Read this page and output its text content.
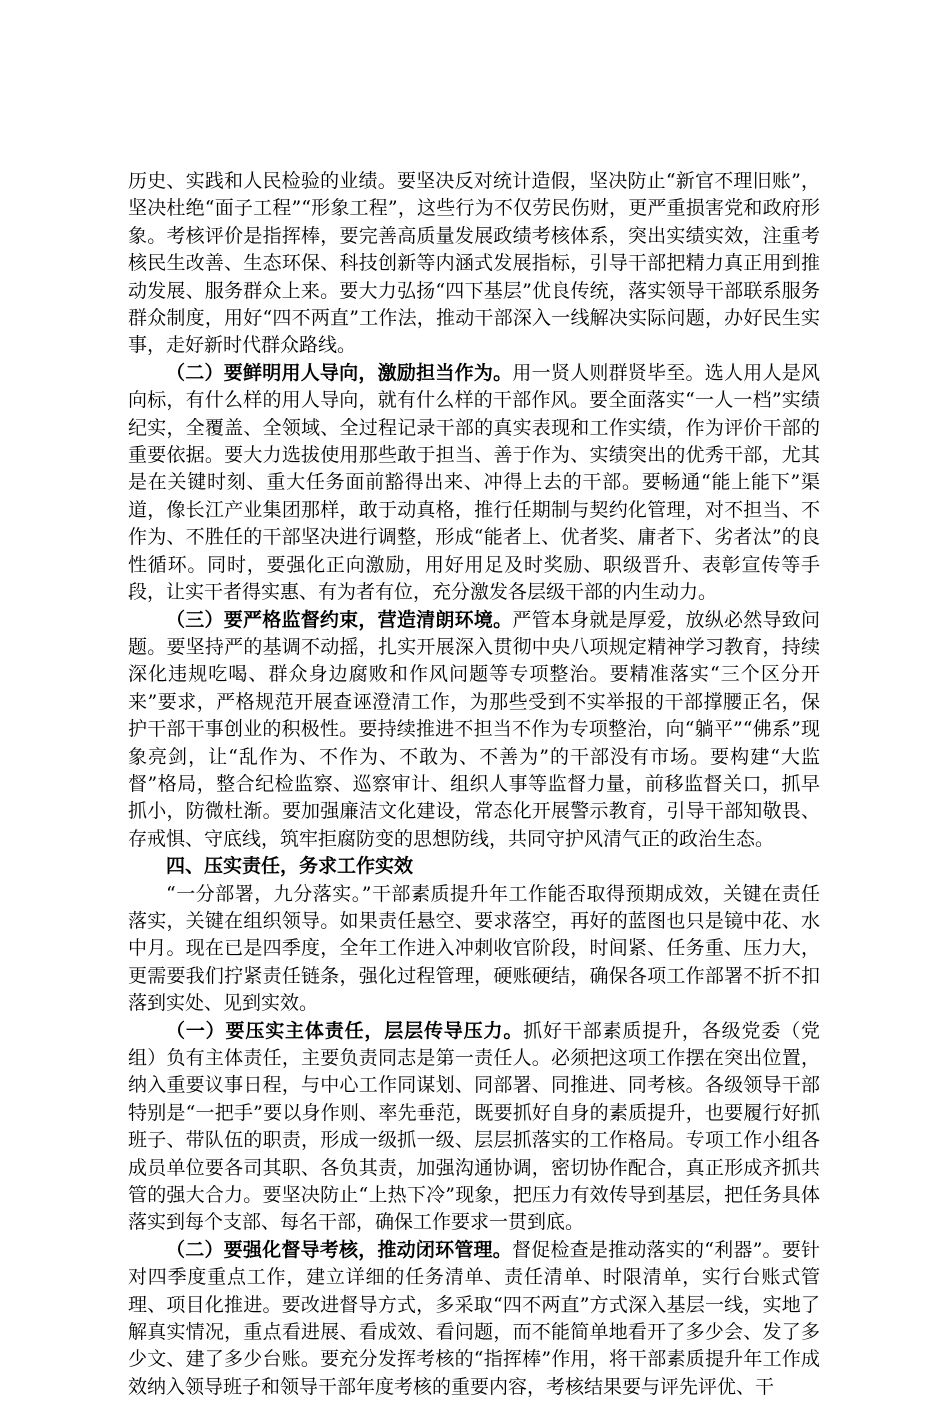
历史、实践和人民检验的业绩。要坚决反对统计造假，坚决防止“新官不理旧账”，坚决杜绝“面子工程”“形象工程”，这些行为不仅劳民伤财，更严重损害党和政府形象。考核评价是指挥棒，要完善高质量发展政绩考核体系，突出实绩实效，注重考核民生改善、生态环保、科技创新等内涵式发展指标，引导干部把精力真正用到推动发展、服务群众上来。要大力弘扬“四下基层”优良传统，落实领导干部联系服务群众制度，用好“四不两直”工作法，推动干部深入一线解决实际问题，办好民生实事，走好新时代群众路线。

（二）要鲜明用人导向，激励担当作为。用一贤人则群贤毕至。选人用人是风向标，有什么样的用人导向，就有什么样的干部作风。要全面落实“一人一档”实绩纪实，全覆盖、全领域、全过程记录干部的真实表现和工作实绩，作为评价干部的重要依据。要大力选拔使用那些敢于担当、善于作为、实绩突出的优秀干部，尤其是在关键时刻、重大任务面前豁得出来、冲得上去的干部。要畅通“能上能下”渠道，像长江产业集团那样，敢于动真格，推行任期制与契约化管理，对不担当、不作为、不胜任的干部坚决进行调整，形成“能者上、优者奖、庸者下、劣者汰”的良性循环。同时，要强化正向激励，用好用足及时奖励、职级晋升、表彰宣传等手段，让实干者得实惠、有为者有位，充分激发各层级干部的内生动力。

（三）要严格监督约束，营造清朗环境。严管本身就是厚爱，放纵必然导致问题。要坚持严的基调不动摇，扎实开展深入贯彻中央八项规定精神学习教育，持续深化违规吃喝、群众身边腐败和作风问题等专项整治。要精准落实“三个区分开来”要求，严格规范开展查诬澄清工作，为那些受到不实举报的干部撑腰正名，保护干部干事创业的积极性。要持续推进不担当不作为专项整治，向“躺平”“佛系”现象亮剑，让“乱作为、不作为、不敢为、不善为”的干部没有市场。要构建“大监督”格局，整合纪检监察、巡察审计、组织人事等监督力量，前移监督关口，抓早抓小，防微杜渐。要加强廉洁文化建设，常态化开展警示教育，引导干部知敬畏、存戒惧、守底线，筑牢拒腐防变的思想防线，共同守护风清气正的政治生态。

四、压实责任，务求工作实效

“一分部署，九分落实。”干部素质提升年工作能否取得预期成效，关键在责任落实，关键在组织领导。如果责任悬空、要求落空，再好的蓝图也只是镜中花、水中月。现在已是四季度，全年工作进入冲刺收官阶段，时间紧、任务重、压力大，更需要我们拧紧责任链条，强化过程管理，硬账硬结，确保各项工作部署不折不扣落到实处、见到实效。

（一）要压实主体责任，层层传导压力。抓好干部素质提升，各级党委（党组）负有主体责任，主要负责同志是第一责任人。必须把这项工作摆在突出位置，纳入重要议事日程，与中心工作同谋划、同部署、同推进、同考核。各级领导干部特别是“一把手”要以身作则、率先垂范，既要抓好自身的素质提升，也要履行好抓班子、带队伍的职责，形成一级抓一级、层层抓落实的工作格局。专项工作小组各成员单位要各司其职、各负其责，加强沟通协调，密切协作配合，真正形成齐抓共管的强大合力。要坚决防止“上热下冷”现象，把压力有效传导到基层，把任务具体落实到每个支部、每名干部，确保工作要求一贯到底。

（二）要强化督导考核，推动闭环管理。督促检查是推动落实的“利器”。要针对四季度重点工作，建立详细的任务清单、责任清单、时限清单，实行台账式管理、项目化推进。要改进督导方式，多采取“四不两直”方式深入基层一线，实地了解真实情况，重点看进展、看成效、看问题，而不能简单地看开了多少会、发了多少文、建了多少台账。要充分发挥考核的“指挥棒”作用，将干部素质提升年工作成效纳入领导班子和领导干部年度考核的重要内容，考核结果要与评先评优、干
